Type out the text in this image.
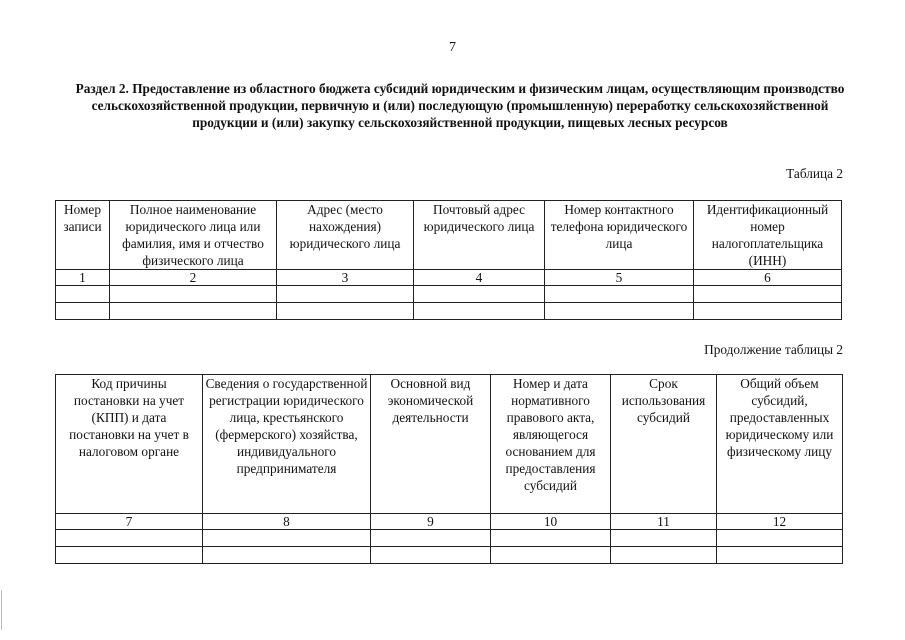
7
Раздел 2. Предоставление из областного бюджета субсидий юридическим и физическим лицам, осуществляющим производство сельскохозяйственной продукции, первичную и (или) последующую (промышленную) переработку сельскохозяйственной продукции и (или) закупку сельскохозяйственной продукции, пищевых лесных ресурсов
Таблица 2
Номер записи	Полное наименование юридического лица или фамилия, имя и отчество физического лица	Адрес (место нахождения) юридического лица	Почтовый адрес юридического лица	Номер контактного телефона юридического лица	Идентификационный номер налогоплательщика (ИНН)
1	2	3	4	5	6

Продолжение таблицы 2
Код причины постановки на учет (КПП) и дата постановки на учет в налоговом органе	Сведения о государственной регистрации юридического лица, крестьянского (фермерского) хозяйства, индивидуального предпринимателя	Основной вид экономической деятельности	Номер и дата нормативного правового акта, являющегося основанием для предоставления субсидий	Срок использования субсидий	Общий объем субсидий, предоставленных юридическому или физическому лицу
7	8	9	10	11	12
